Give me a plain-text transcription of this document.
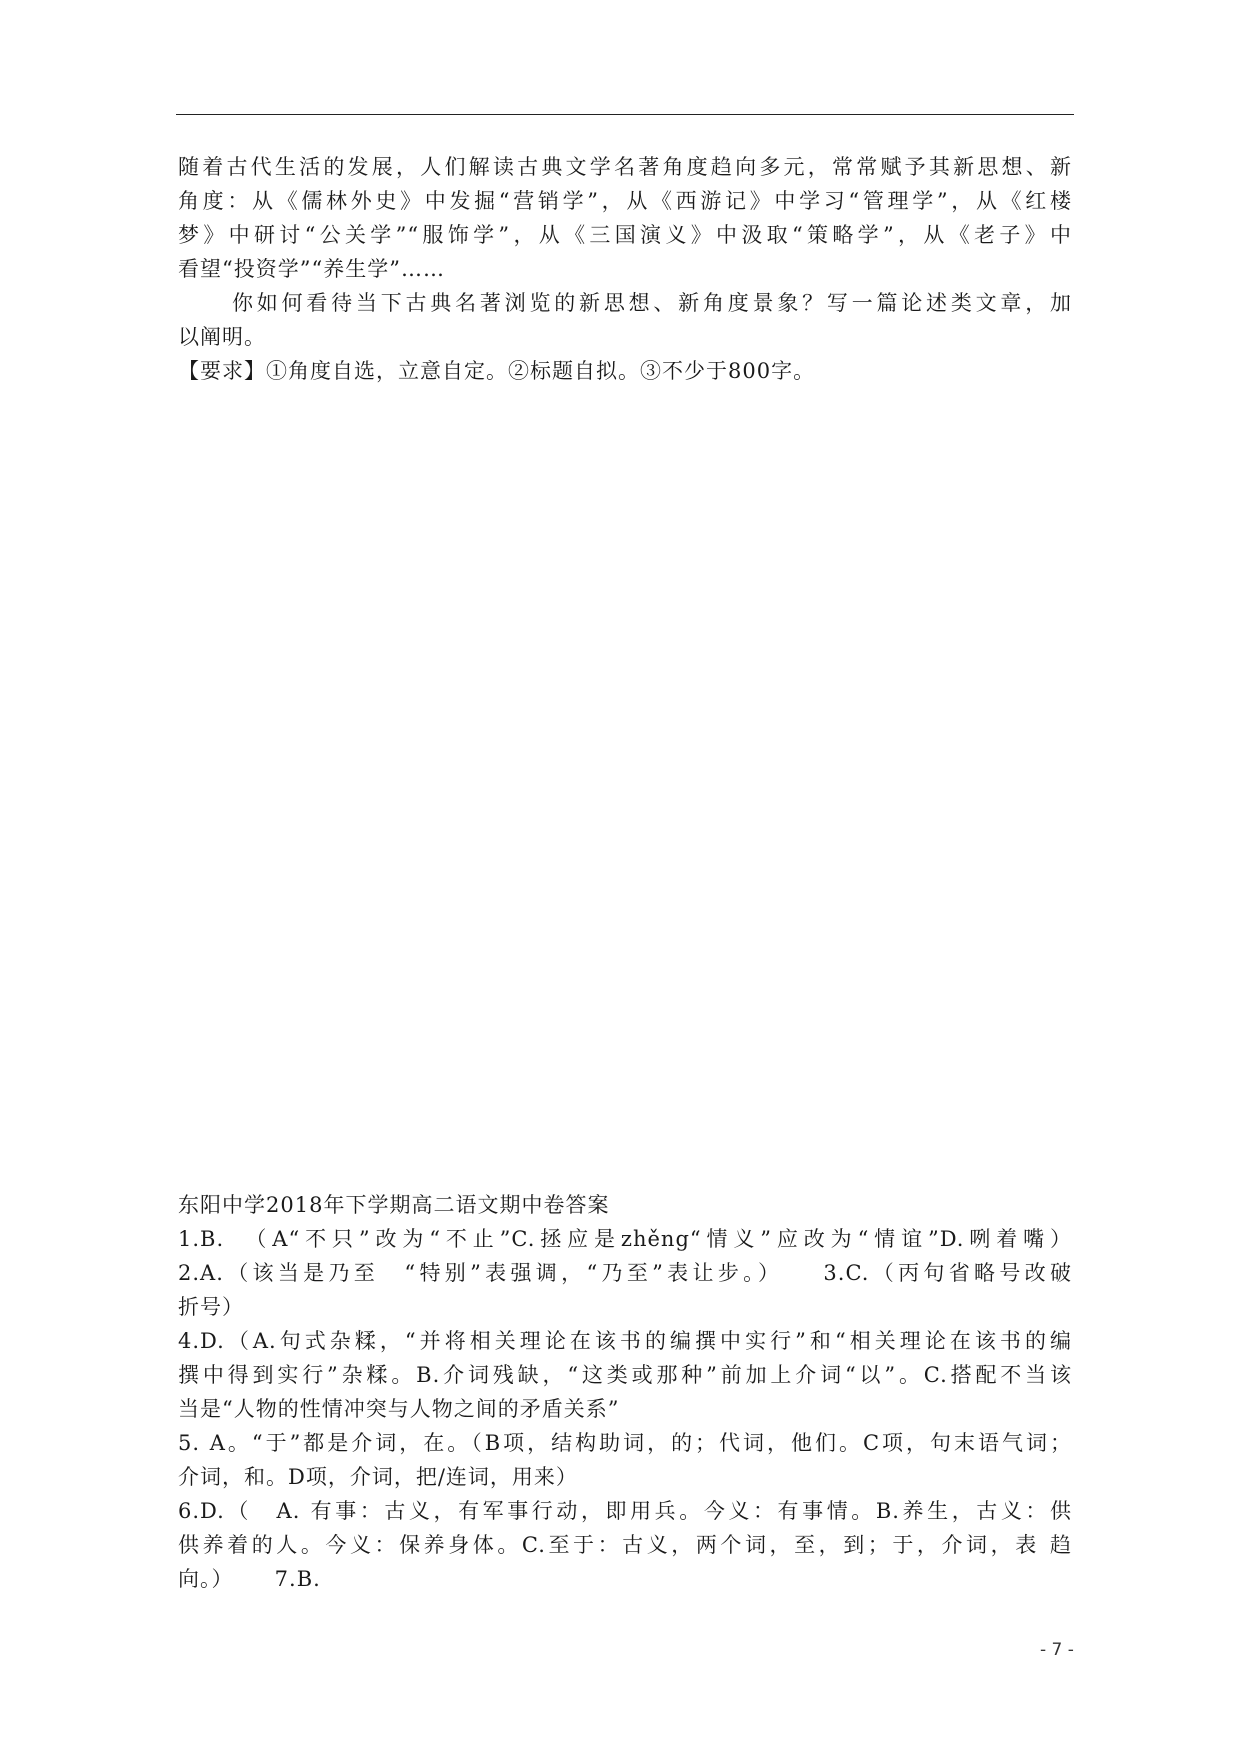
随着古代生活的发展，人们解读古典文学名著角度趋向多元，常常赋予其新思想、新

角度：从《儒林外史》中发掘“营销学”，从《西游记》中学习“管理学”，从《红楼

梦》中研讨“公关学”“服饰学”，从《三国演义》中汲取“策略学”，从《老子》中

看望“投资学”“养生学”……

你如何看待当下古典名著浏览的新思想、新角度景象？写一篇论述类文章，加

以阐明。

【要求】①角度自选，立意自定。②标题自拟。③不少于800字。

东阳中学2018年下学期高二语文期中卷答案

1.B.　（A“不只”改为“不止”C.拯应是zhěng“情义”应改为“情谊”D.咧着嘴）

2.A.（该当是乃至　“特别”表强调，“乃至”表让步。）　　3.C.（丙句省略号改破

折号）

4.D.（A.句式杂糅，“并将相关理论在该书的编撰中实行”和“相关理论在该书的编

撰中得到实行”杂糅。B.介词残缺，“这类或那种”前加上介词“以”。C.搭配不当该

当是“人物的性情冲突与人物之间的矛盾关系”

5. A。“于”都是介词，在。（B项，结构助词，的；代词，他们。C项，句末语气词；

介词，和。D项，介词，把/连词，用来）

6.D.（　A. 有事：古义，有军事行动，即用兵。今义：有事情。B.养生，古义：供

供养着的人。今义：保养身体。C.至于：古义，两个词，至，到；于，介词，表 趋

向。）　　 7.B.

- 7 -
